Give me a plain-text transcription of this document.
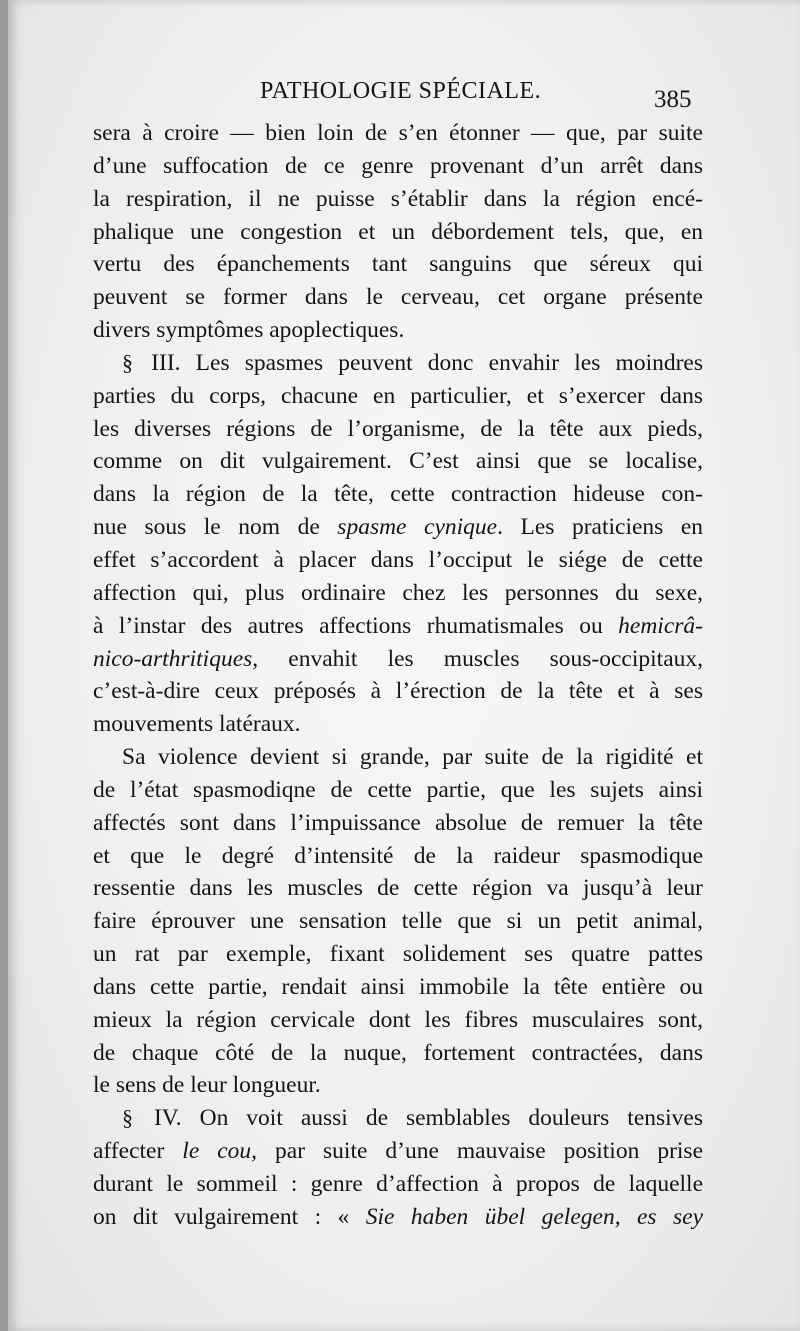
PATHOLOGIE SPÉCIALE.	385
sera à croire — bien loin de s’en étonner — que, par suite
d’une suffocation de ce genre provenant d’un arrêt dans
la respiration, il ne puisse s’établir dans la région encé-
phalique une congestion et un débordement tels, que, en
vertu des épanchements tant sanguins que séreux qui
peuvent se former dans le cerveau, cet organe présente
divers symptômes apoplectiques.
§ III. Les spasmes peuvent donc envahir les moindres
parties du corps, chacune en particulier, et s’exercer dans
les diverses régions de l’organisme, de la tête aux pieds,
comme on dit vulgairement. C’est ainsi que se localise,
dans la région de la tête, cette contraction hideuse con-
nue sous le nom de spasme cynique. Les praticiens en
effet s’accordent à placer dans l’occiput le siége de cette
affection qui, plus ordinaire chez les personnes du sexe,
à l’instar des autres affections rhumatismales ou hemicrâ-
nico-arthritiques, envahit les muscles sous-occipitaux,
c’est-à-dire ceux préposés à l’érection de la tête et à ses
mouvements latéraux.
Sa violence devient si grande, par suite de la rigidité et
de l’état spasmodiqne de cette partie, que les sujets ainsi
affectés sont dans l’impuissance absolue de remuer la tête
et que le degré d’intensité de la raideur spasmodique
ressentie dans les muscles de cette région va jusqu’à leur
faire éprouver une sensation telle que si un petit animal,
un rat par exemple, fixant solidement ses quatre pattes
dans cette partie, rendait ainsi immobile la tête entière ou
mieux la région cervicale dont les fibres musculaires sont,
de chaque côté de la nuque, fortement contractées, dans
le sens de leur longueur.
§ IV. On voit aussi de semblables douleurs tensives
affecter le cou, par suite d’une mauvaise position prise
durant le sommeil : genre d’affection à propos de laquelle
on dit vulgairement : « Sie haben übel gelegen, es sey
